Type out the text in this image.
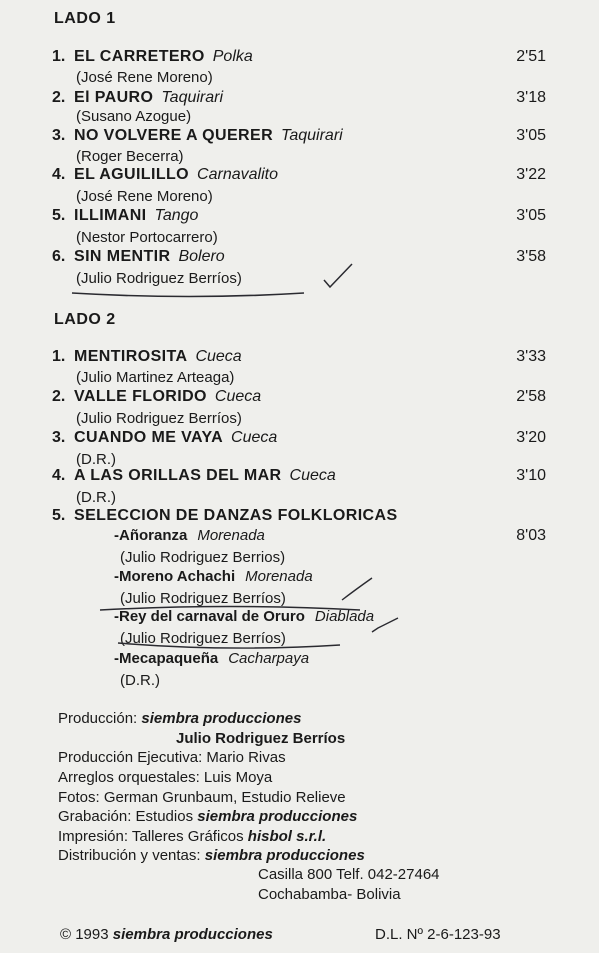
LADO 1
1. EL CARRETERO Polka	2'51
(José Rene Moreno)
2. El PAURO Taquirari	3'18
(Susano Azogue)
3. NO VOLVERE A QUERER Taquirari	3'05
(Roger Becerra)
4. EL AGUILILLO Carnavalito	3'22
(José Rene Moreno)
5. ILLIMANI Tango	3'05
(Nestor Portocarrero)
6. SIN MENTIR Bolero	3'58
(Julio Rodriguez Berríos)
LADO 2
1. MENTIROSITA Cueca	3'33
(Julio Martinez Arteaga)
2. VALLE FLORIDO Cueca	2'58
(Julio Rodriguez Berríos)
3. CUANDO ME VAYA Cueca	3'20
(D.R.)
4. A LAS ORILLAS DEL MAR Cueca	3'10
(D.R.)
5. SELECCION DE DANZAS FOLKLORICAS
-Añoranza Morenada	8'03
(Julio Rodriguez Berrios)
-Moreno Achachi Morenada
(Julio Rodriguez Berríos)
-Rey del carnaval de Oruro Diablada
(Julio Rodriguez Berríos)
-Mecapaqueña Cacharpaya
(D.R.)
Producción: siembra producciones
Julio Rodriguez Berríos
Producción Ejecutiva: Mario Rivas
Arreglos orquestales: Luis Moya
Fotos: German Grunbaum, Estudio Relieve
Grabación: Estudios siembra producciones
Impresión: Talleres Gráficos hisbol s.r.l.
Distribución y ventas: siembra producciones
Casilla 800 Telf. 042-27464
Cochabamba- Bolivia
© 1993 siembra producciones	D.L. Nº 2-6-123-93
